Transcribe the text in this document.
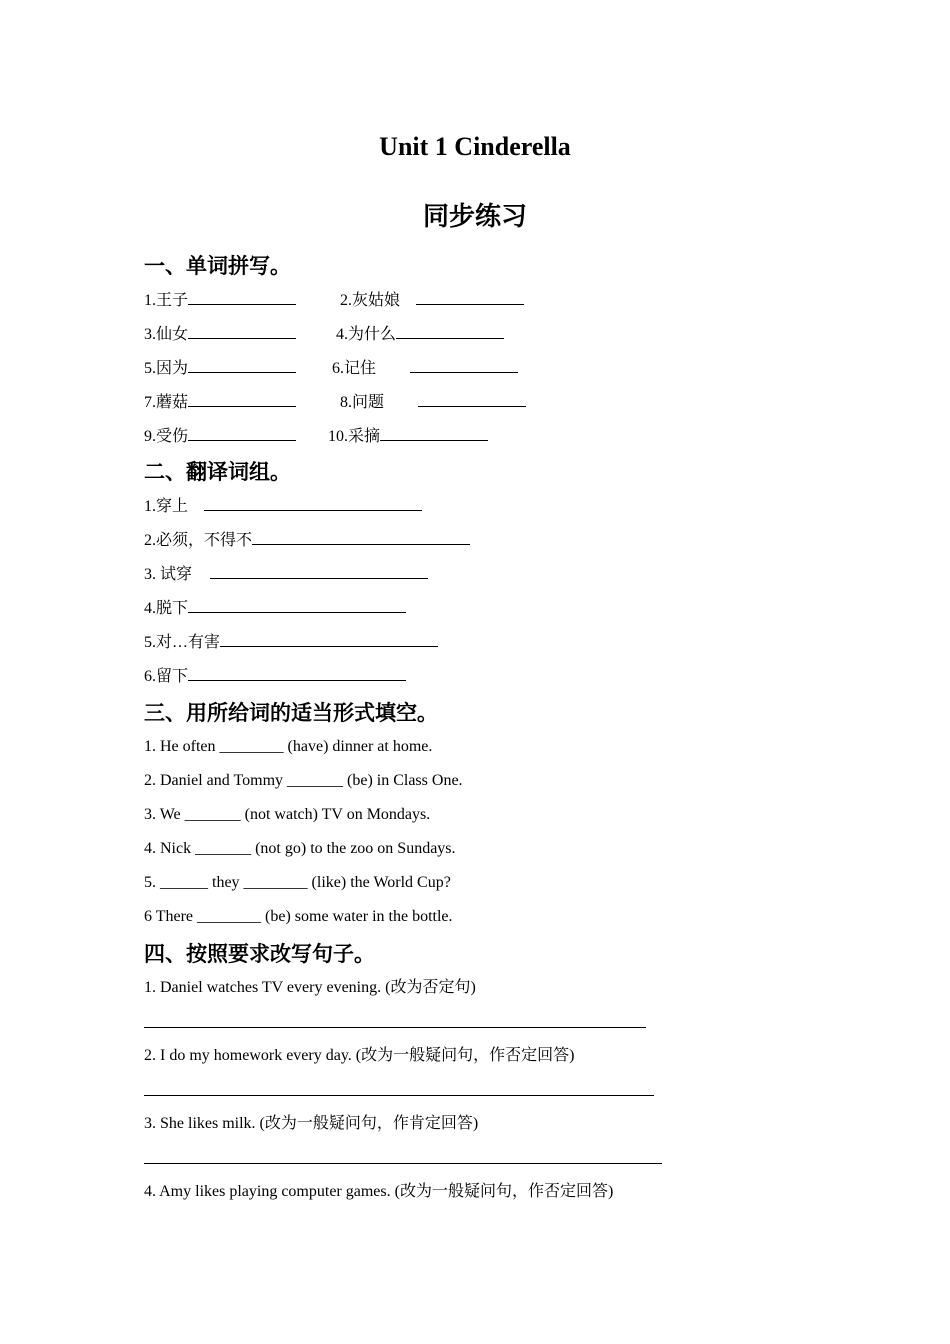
Unit 1 Cinderella
同步练习
一、单词拼写。
1.王子	2.灰姑娘
3.仙女	4.为什么
5.因为	6.记住
7.蘑菇	8.问题
9.受伤	10.采摘
二、翻译词组。
1.穿上
2.必须，不得不
3. 试穿
4.脱下
5.对…有害
6.留下
三、用所给词的适当形式填空。
1. He often ________ (have) dinner at home.
2. Daniel and Tommy _______ (be) in Class One.
3. We _______ (not watch) TV on Mondays.
4. Nick _______ (not go) to the zoo on Sundays.
5. ______ they ________ (like) the World Cup?
6 There ________ (be) some water in the bottle.
四、按照要求改写句子。
1. Daniel watches TV every evening. (改为否定句)
2. I do my homework every day. (改为一般疑问句，作否定回答)
3. She likes milk. (改为一般疑问句，作肯定回答)
4. Amy likes playing computer games. (改为一般疑问句，作否定回答)
